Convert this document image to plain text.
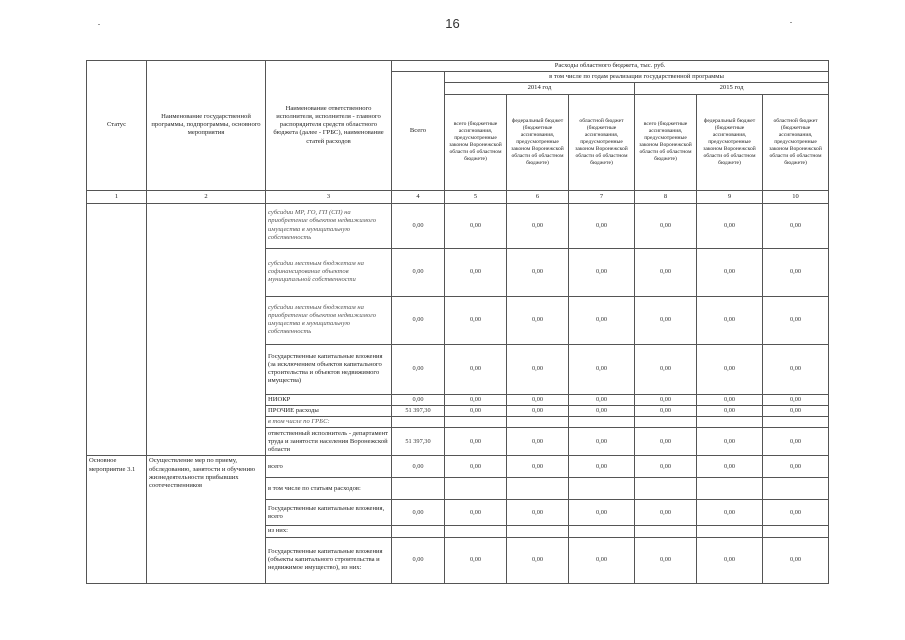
16
Статус	Наименование государственной программы, подпрограммы, основного мероприятия	Наименование ответственного исполнителя, исполнителя - главного распорядителя средств областного бюджета (далее - ГРБС), наименование статей расходов	Расходы областного бюджета, тыс. руб.						
			Всего	в том числе по годам реализации государственной программы					
				2014 год			2015 год		
				всего (бюджетные ассигнования, предусмотренные законом Воронежской области об областном бюджете)	федеральный бюджет (бюджетные ассигнования, предусмотренные законом Воронежской области об областном бюджете)	областной бюджет (бюджетные ассигнования, предусмотренные законом Воронежской области об областном бюджете)	всего (бюджетные ассигнования, предусмотренные законом Воронежской области об областном бюджете)	федеральный бюджет (бюджетные ассигнования, предусмотренные законом Воронежской области об областном бюджете)	областной бюджет (бюджетные ассигнования, предусмотренные законом Воронежской области об областном бюджете)
1	2	3	4	5	6	7	8	9	10
		субсидии МР, ГО, ГП (СП) на приобретение объектов недвижимого имущества в муниципальную собственность	0,00	0,00	0,00	0,00	0,00	0,00	0,00
		субсидии местным бюджетам на софинансирование объектов муниципальной собственности	0,00	0,00	0,00	0,00	0,00	0,00	0,00
		субсидии местным бюджетам на приобретение объектов недвижимого имущества в муниципальную собственность	0,00	0,00	0,00	0,00	0,00	0,00	0,00
		Государственные капитальные вложения (за исключением объектов капитального строительства и объектов недвижимого имущества)	0,00	0,00	0,00	0,00	0,00	0,00	0,00
		НИОКР	0,00	0,00	0,00	0,00	0,00	0,00	0,00
		ПРОЧИЕ расходы	51 397,30	0,00	0,00	0,00	0,00	0,00	0,00
		в том числе по ГРБС:							
		ответственный исполнитель - департамент труда и занятости населения Воронежской области	51 397,30	0,00	0,00	0,00	0,00	0,00	0,00
Основное мероприятие 3.1	Осуществление мер по приему, обследованию, занятости и обучению жизнедеятельности прибывших соотечественников	всего	0,00	0,00	0,00	0,00	0,00	0,00	0,00
		в том числе по статьям расходов:							
		Государственные капитальные вложения, всего	0,00	0,00	0,00	0,00	0,00	0,00	0,00
		из них:							
		Государственные капитальные вложения (объекты капитального строительства и недвижимое имущество), из них:	0,00	0,00	0,00	0,00	0,00	0,00	0,00
